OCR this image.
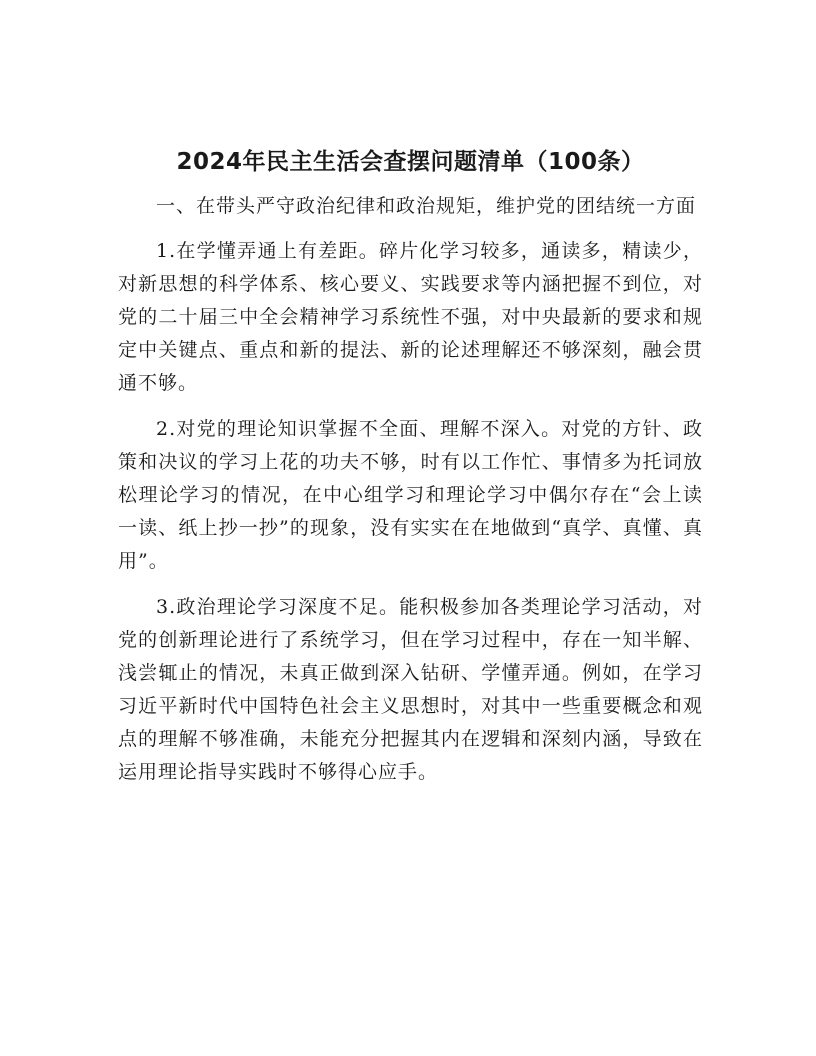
2024年民主生活会查摆问题清单（100条）

一、在带头严守政治纪律和政治规矩，维护党的团结统一方面

1.在学懂弄通上有差距。碎片化学习较多，通读多，精读少，对新思想的科学体系、核心要义、实践要求等内涵把握不到位，对党的二十届三中全会精神学习系统性不强，对中央最新的要求和规定中关键点、重点和新的提法、新的论述理解还不够深刻，融会贯通不够。

2.对党的理论知识掌握不全面、理解不深入。对党的方针、政策和决议的学习上花的功夫不够，时有以工作忙、事情多为托词放松理论学习的情况，在中心组学习和理论学习中偶尔存在“会上读一读、纸上抄一抄”的现象，没有实实在在地做到“真学、真懂、真用”。

3.政治理论学习深度不足。能积极参加各类理论学习活动，对党的创新理论进行了系统学习，但在学习过程中，存在一知半解、浅尝辄止的情况，未真正做到深入钻研、学懂弄通。例如，在学习习近平新时代中国特色社会主义思想时，对其中一些重要概念和观点的理解不够准确，未能充分把握其内在逻辑和深刻内涵，导致在运用理论指导实践时不够得心应手。
